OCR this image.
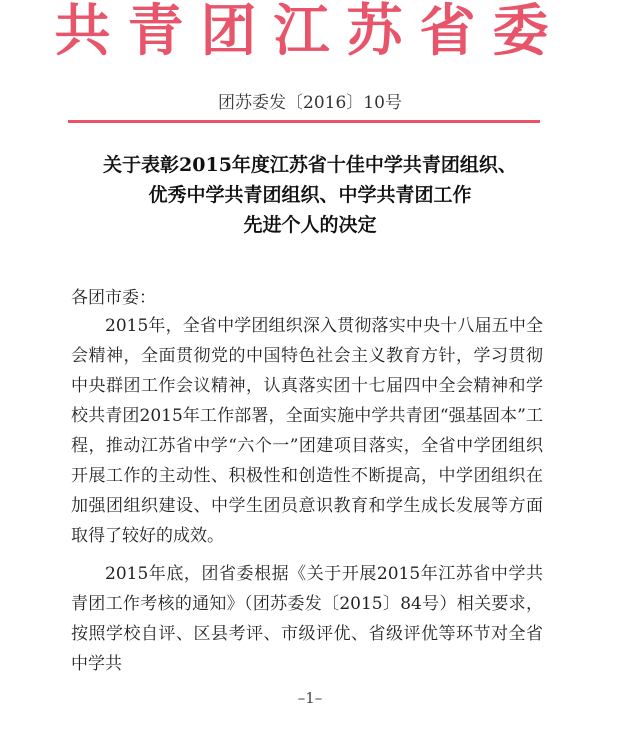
共青团江苏省委
团苏委发〔2016〕10号
关于表彰2015年度江苏省十佳中学共青团组织、
优秀中学共青团组织、中学共青团工作
先进个人的决定
各团市委：

2015年，全省中学团组织深入贯彻落实中央十八届五中全会精神，全面贯彻党的中国特色社会主义教育方针，学习贯彻中央群团工作会议精神，认真落实团十七届四中全会精神和学校共青团2015年工作部署，全面实施中学共青团“强基固本”工程，推动江苏省中学“六个一”团建项目落实，全省中学团组织开展工作的主动性、积极性和创造性不断提高，中学团组织在加强团组织建设、中学生团员意识教育和学生成长发展等方面取得了较好的成效。

2015年底，团省委根据《关于开展2015年江苏省中学共青团工作考核的通知》（团苏委发〔2015〕84号）相关要求，按照学校自评、区县考评、市级评优、省级评优等环节对全省中学共

–1–
